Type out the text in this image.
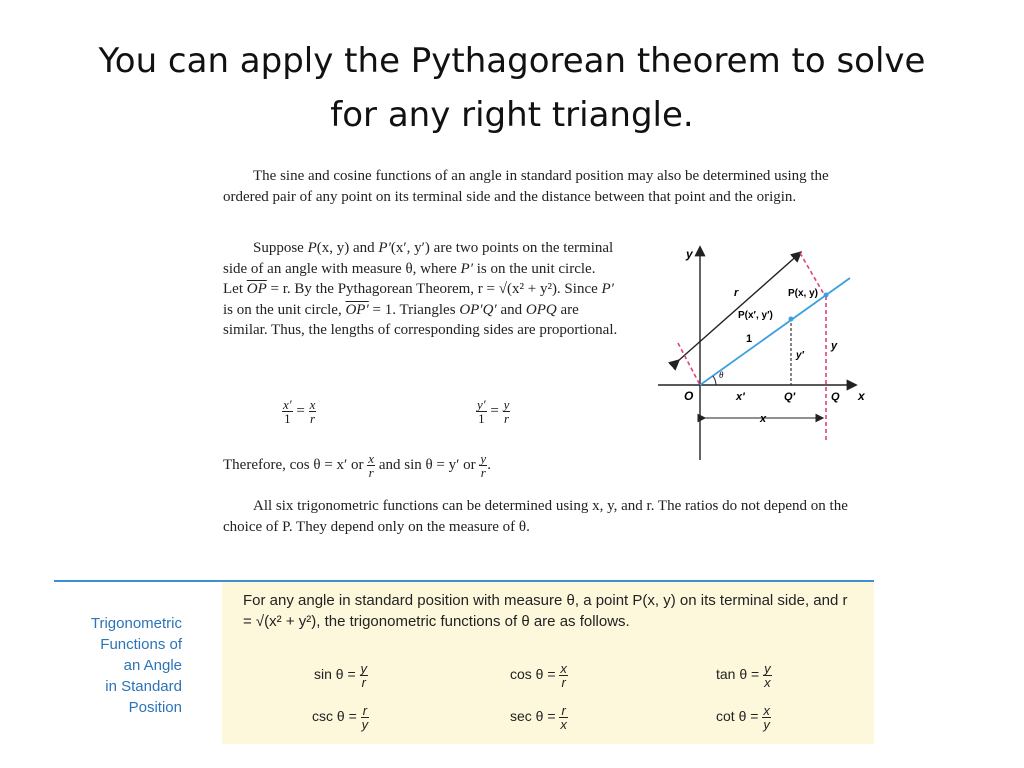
You can apply the Pythagorean theorem to solve
for any right triangle.

The sine and cosine functions of an angle in standard position may also be determined using the ordered pair of any point on its terminal side and the distance between that point and the origin.

Suppose P(x, y) and P′(x′, y′) are two points on the terminal side of an angle with measure θ, where P′ is on the unit circle. Let $\overline{OP} = r$. By the Pythagorean Theorem, r = √(x² + y²). Since P′ is on the unit circle, OP′ = 1. Triangles OP′Q′ and OPQ are similar. Thus, the lengths of corresponding sides are proportional.

$\frac{x'}{1} = \frac{x}{r}$	$\frac{y'}{1} = \frac{y}{r}$

Therefore, cos θ = x′ or $\frac{x}{r}$ and sin θ = y′ or $\frac{y}{r}$ .

All six trigonometric functions can be determined using x, y, and r. The ratios do not depend on the choice of P. They depend only on the measure of θ.

y
x
O
r	P(x, y)
P(x′, y′)
1
y′
y
θ
x′	Q′	Q
x
Trigonometric
Functions of
an Angle
in Standard
Position

For any angle in standard position with measure θ, a point P(x, y) on its terminal side, and r = √(x² + y²), the trigonometric functions of θ are as follows.

$\sin \theta = \frac{y}{r}$	$\cos \theta = \frac{x}{r}$	$\tan \theta = \frac{y}{x}$
$\csc \theta = \frac{r}{y}$	$\sec \theta = \frac{r}{x}$	$\cot \theta = \frac{x}{y}$
